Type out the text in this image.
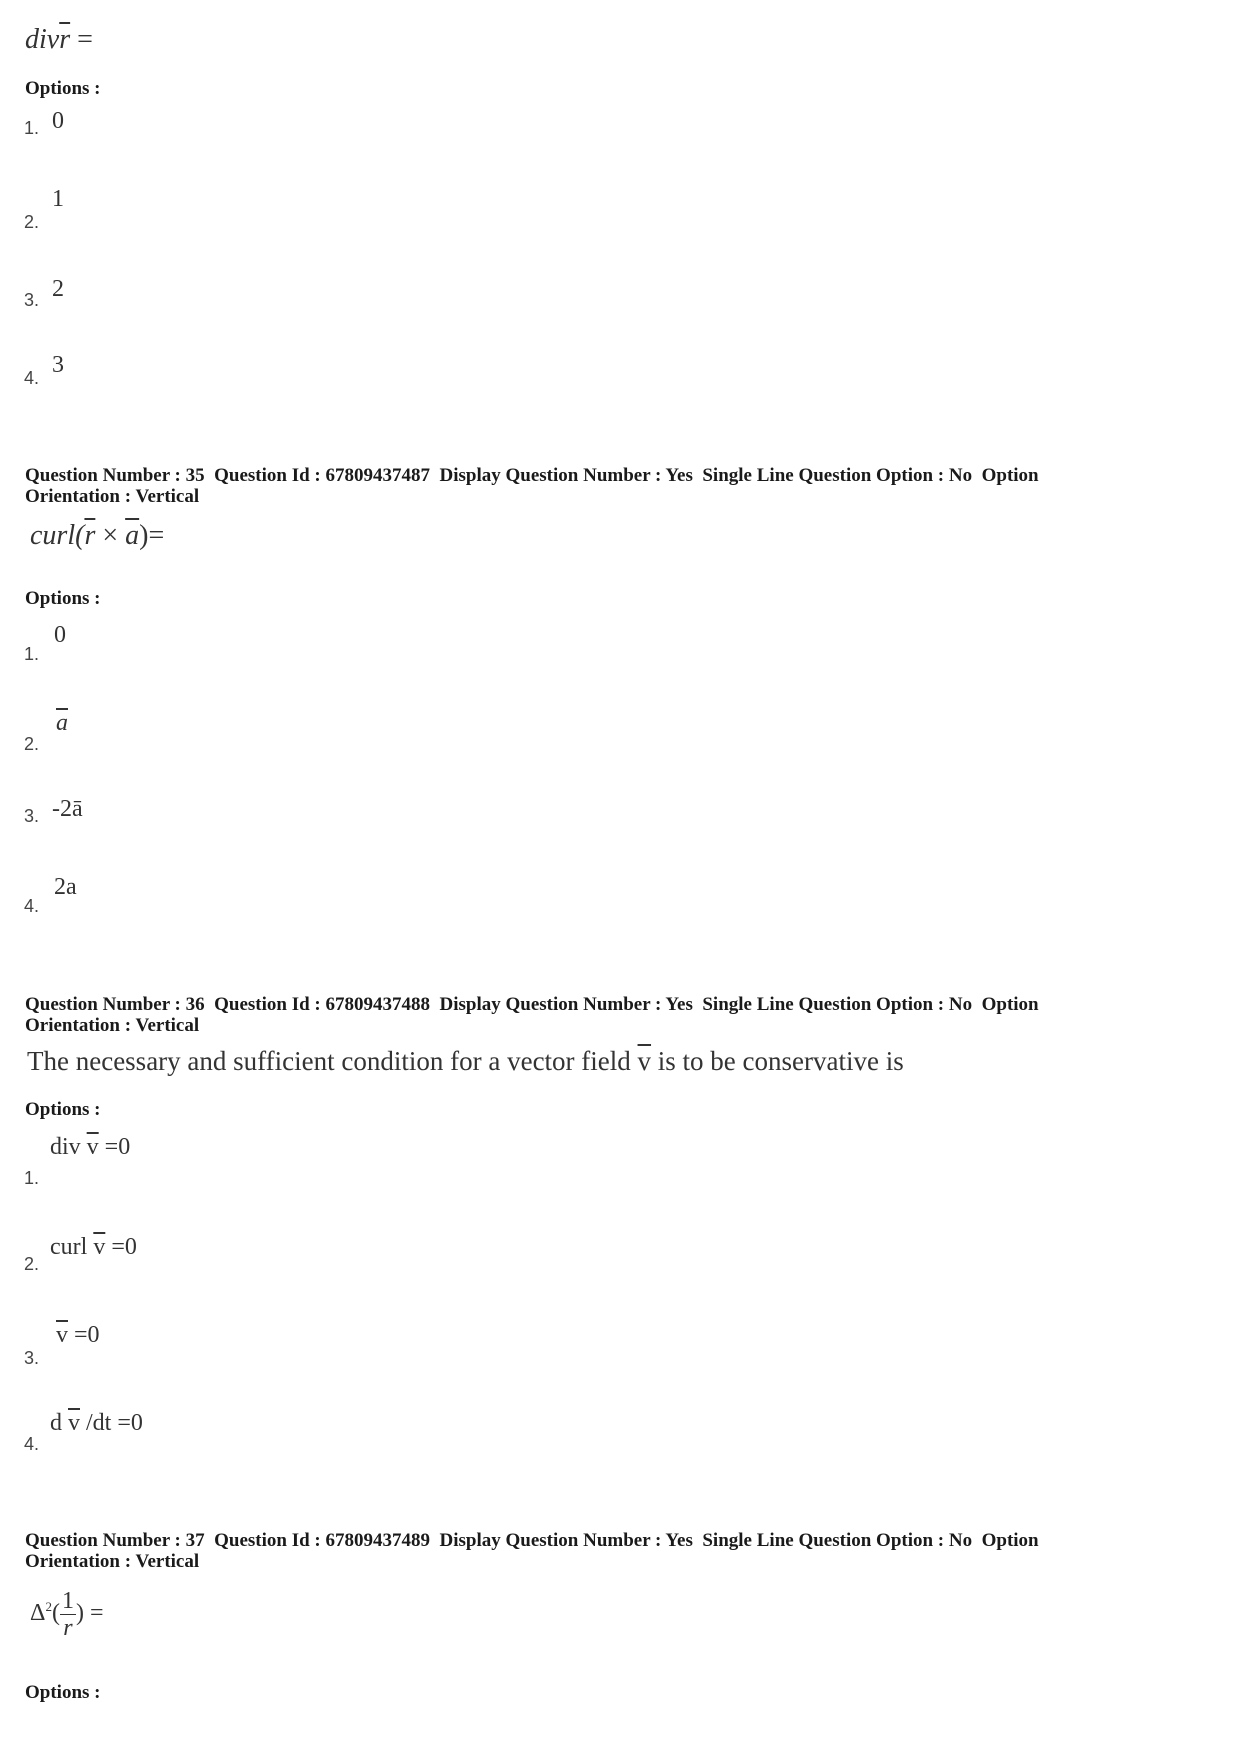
$div\overline{r}$ =
Options :
1. 0
2.
1
3. 2
4. 3
Question Number : 35  Question Id : 67809437487  Display Question Number : Yes  Single Line Question Option : No  Option
Orientation : Vertical
$curl(\overline{r} \times \overline{a})=$
Options :
1.
0
2.
$\overline{a}$
3. -2ā
4.
2a
Question Number : 36  Question Id : 67809437488  Display Question Number : Yes  Single Line Question Option : No  Option
Orientation : Vertical
The necessary and sufficient condition for a vector field $\overline{v}$ is to be conservative is
Options :
1.
div $\overline{v} =0$
2.
curl $\overline{v} =0$
3.
$\overline{v} =0$
4.
d $\overline{v}$ /dt =0
Question Number : 37  Question Id : 67809437489  Display Question Number : Yes  Single Line Question Option : No  Option
Orientation : Vertical
$\Delta^2( \frac{1}{r}$ ) =
Options :
